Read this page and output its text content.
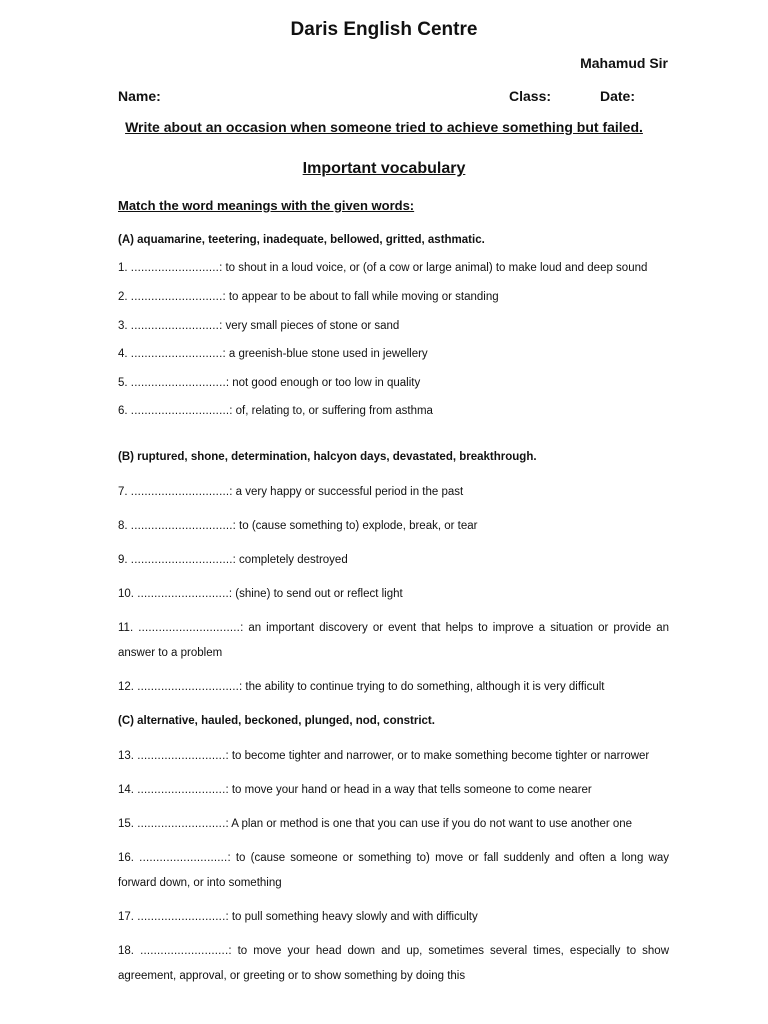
Daris English Centre
Mahamud Sir
Name:	Class:	Date:
Write about an occasion when someone tried to achieve something but failed.
Important vocabulary
Match the word meanings with the given words:
(A) aquamarine, teetering, inadequate, bellowed, gritted, asthmatic.
(B) ruptured, shone, determination, halcyon days, devastated, breakthrough.
(C) alternative, hauled, beckoned, plunged, nod, constrict.
1. ..........................: to shout in a loud voice, or (of a cow or large animal) to make loud and deep sound
2. ...........................: to appear to be about to fall while moving or standing
3. ..........................: very small pieces of stone or sand
4. ...........................: a greenish-blue stone used in jewellery
5. ............................: not good enough or too low in quality
6. .............................: of, relating to, or suffering from asthma
7. .............................: a very happy or successful period in the past
8. ..............................: to (cause something to) explode, break, or tear
9. ..............................: completely destroyed
10. ...........................: (shine) to send out or reflect light
11. ..............................: an important discovery or event that helps to improve a situation or provide an
answer to a problem
12. ..............................: the ability to continue trying to do something, although it is very difficult
13. ..........................: to become tighter and narrower, or to make something become tighter or narrower
14. ..........................: to move your hand or head in a way that tells someone to come nearer
15. ..........................: A plan or method is one that you can use if you do not want to use another one
16. ..........................: to (cause someone or something to) move or fall suddenly and often a long way
forward down, or into something
17. ..........................: to pull something heavy slowly and with difficulty
18. ..........................: to move your head down and up, sometimes several times, especially to show
agreement, approval, or greeting or to show something by doing this
